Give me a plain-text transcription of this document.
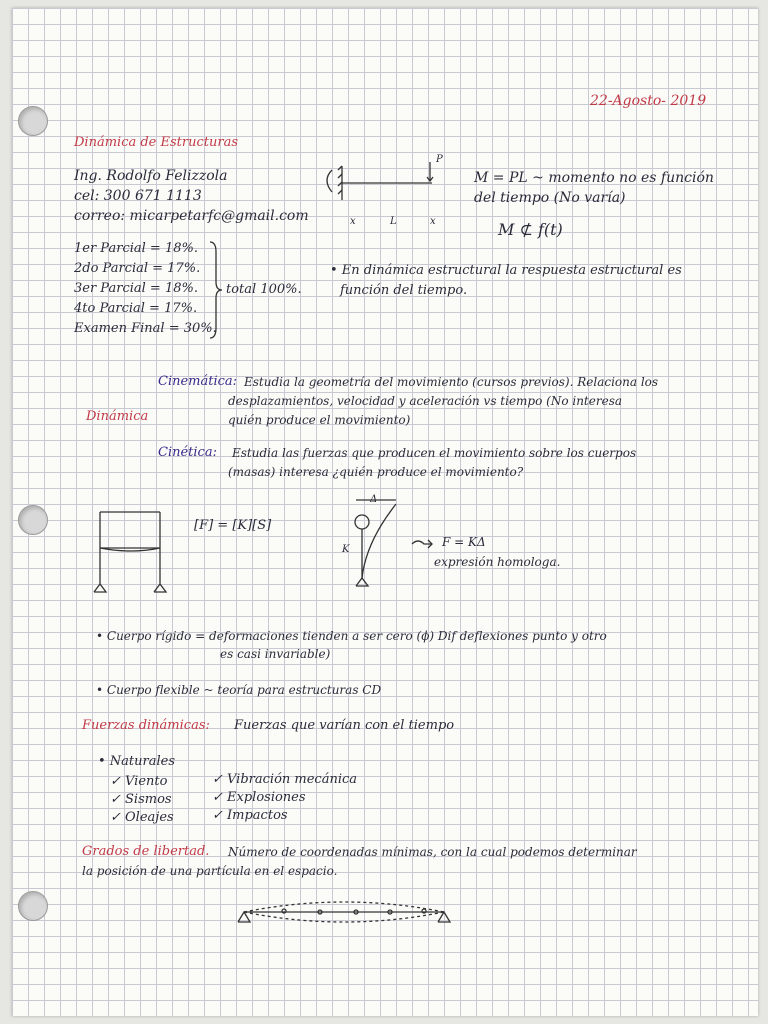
22-Agosto- 2019
Dinámica de Estructuras
Ing. Rodolfo Felizzola
cel: 300 671 1113
correo: micarpetarfc@gmail.com
1er Parcial = 18%.
2do Parcial = 17%.
3er Parcial = 18%.
4to Parcial = 17%.
Examen Final = 30%.
total 100%.
P
x	L	x
M = PL ~ momento no es función
del tiempo (No varía)
M ⊄ f(t)
• En dinámica estructural la respuesta estructural es
función del tiempo.
Dinámica
Cinemática: Estudia la geometría del movimiento (cursos previos). Relaciona los
desplazamientos, velocidad y aceleración vs tiempo (No interesa
quién produce el movimiento)
Cinética: Estudia las fuerzas que producen el movimiento sobre los cuerpos
(masas) interesa ¿quién produce el movimiento?
[F] = [K][S]
Δ
K
F = KΔ
expresión homologa.
• Cuerpo rígido = deformaciones tienden a ser cero (ϕ) Dif deflexiones punto y otro
es casi invariable)
• Cuerpo flexible ~ teoría para estructuras CD
Fuerzas dinámicas: Fuerzas que varían con el tiempo
• Naturales
✓ Viento
✓ Sismos
✓ Oleajes
✓ Vibración mecánica
✓ Explosiones
✓ Impactos
Grados de libertad. Número de coordenadas mínimas, con la cual podemos determinar
la posición de una partícula en el espacio.
